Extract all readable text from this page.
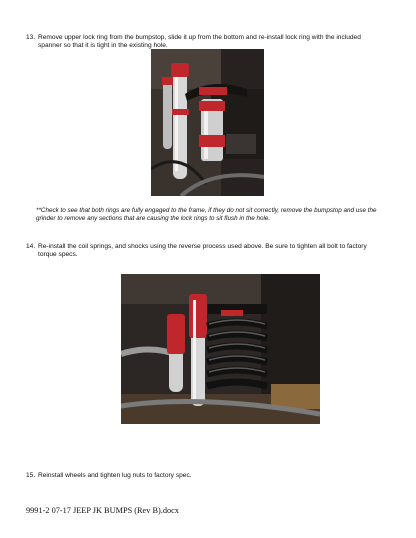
13. Remove upper lock ring from the bumpstop, slide it up from the bottom and re-install lock ring with the included spanner so that it is tight in the existing hole.
**Check to see that both rings are fully engaged to the frame, if they do not sit correctly, remove the bumpstop and use the grinder to remove any sections that are causing the lock rings to sit flush in the hole.
14. Re-install the coil springs, and shocks using the reverse process used above. Be sure to tighten all bolt to factory torque specs.
15. Reinstall wheels and tighten lug nuts to factory spec.
9991-2 07-17 JEEP JK BUMPS (Rev B).docx
